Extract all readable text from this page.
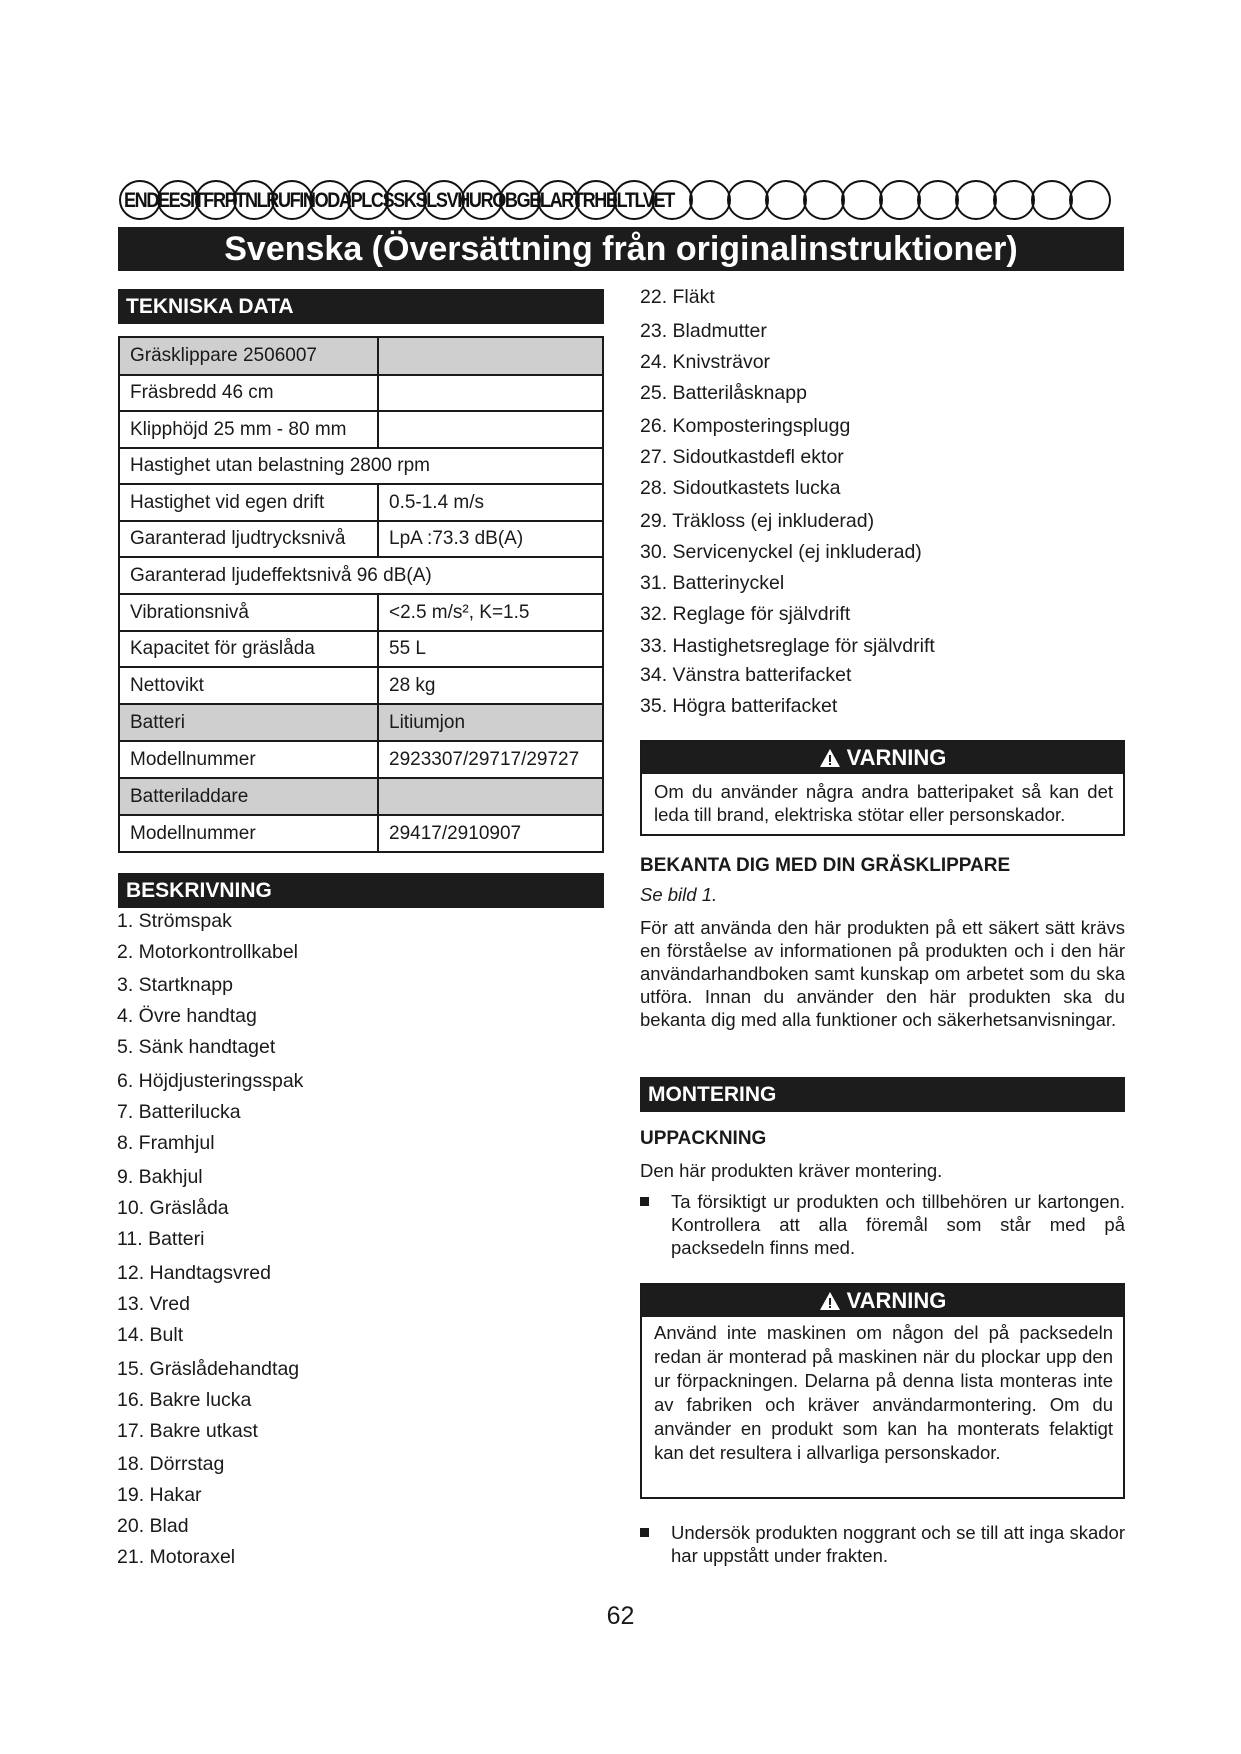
ENDEESITFRPTNLRUFINODAPLCSSKSLSVHUROBGELARTRHELTLVET
Svenska (Översättning från originalinstruktioner)
TEKNISKA DATA
Gräsklippare 2506007	
Fräsbredd 46 cm	
Klipphöjd 25 mm - 80 mm	
Hastighet utan belastning 2800 rpm	
Hastighet vid egen drift	0.5-1.4 m/s
Garanterad ljudtrycksnivå	LpA :73.3 dB(A)
Garanterad ljudeffektsnivå 96 dB(A)	
Vibrationsnivå	<2.5 m/s², K=1.5
Kapacitet för gräslåda	55 L
Nettovikt	28 kg
Batteri	Litiumjon
Modellnummer	2923307/29717/29727
Batteriladdare	
Modellnummer	29417/2910907
BESKRIVNING
1. Strömspak
2. Motorkontrollkabel
3. Startknapp
4. Övre handtag
5. Sänk handtaget
6. Höjdjusteringsspak
7. Batterilucka
8. Framhjul
9. Bakhjul
10. Gräslåda
11. Batteri
12. Handtagsvred
13. Vred
14. Bult
15. Gräslådehandtag
16. Bakre lucka
17. Bakre utkast
18. Dörrstag
19. Hakar
20. Blad
21. Motoraxel
22. Fläkt
23. Bladmutter
24. Knivsträvor
25. Batterilåsknapp
26. Komposteringsplugg
27. Sidoutkastdefl ektor
28. Sidoutkastets lucka
29. Träkloss (ej inkluderad)
30. Servicenyckel (ej inkluderad)
31. Batterinyckel
32. Reglage för självdrift
33. Hastighetsreglage för självdrift
34. Vänstra batterifacket
35. Högra batterifacket
VARNING
Om du använder några andra batteripaket så kan det leda till brand, elektriska stötar eller personskador.
BEKANTA DIG MED DIN GRÄSKLIPPARE
Se bild 1.
För att använda den här produkten på ett säkert sätt krävs en förståelse av informationen på produkten och i den här användarhandboken samt kunskap om arbetet som du ska utföra. Innan du använder den här produkten ska du bekanta dig med alla funktioner och säkerhetsanvisningar.
MONTERING
UPPACKNING
Den här produkten kräver montering.
Ta försiktigt ur produkten och tillbehören ur kartongen. Kontrollera att alla föremål som står med på packsedeln finns med.
VARNING
Använd inte maskinen om någon del på packsedeln redan är monterad på maskinen när du plockar upp den ur förpackningen. Delarna på denna lista monteras inte av fabriken och kräver användarmontering. Om du använder en produkt som kan ha monterats felaktigt kan det resultera i allvarliga personskador.
Undersök produkten noggrant och se till att inga skador har uppstått under frakten.
62
